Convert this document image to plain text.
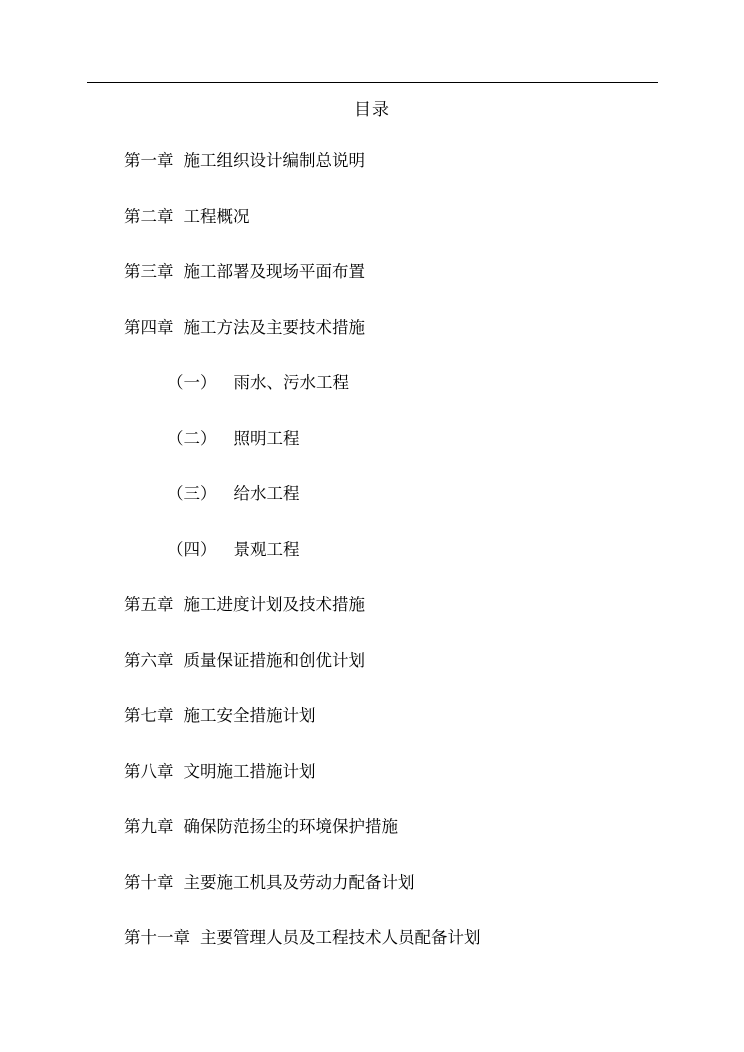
目录
第一章 施工组织设计编制总说明
第二章 工程概况
第三章 施工部署及现场平面布置
第四章 施工方法及主要技术措施
（一） 雨水、污水工程
（二） 照明工程
（三） 给水工程
（四） 景观工程
第五章 施工进度计划及技术措施
第六章 质量保证措施和创优计划
第七章 施工安全措施计划
第八章 文明施工措施计划
第九章 确保防范扬尘的环境保护措施
第十章 主要施工机具及劳动力配备计划
第十一章 主要管理人员及工程技术人员配备计划
